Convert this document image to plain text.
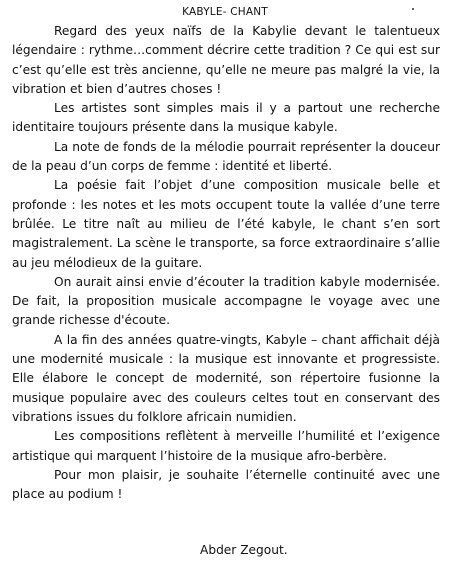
KABYLE- CHANT

Regard des yeux naïfs de la Kabylie devant le talentueux légendaire : rythme…comment décrire cette tradition ? Ce qui est sur c’est qu’elle est très ancienne, qu’elle ne meure pas malgré la vie, la vibration et bien d’autres choses !

Les artistes sont simples mais il y a partout une recherche identitaire toujours présente dans la musique kabyle.

La note de fonds de la mélodie pourrait représenter la douceur de la peau d’un corps de femme : identité et liberté.

La poésie fait l’objet d’une composition musicale belle et profonde : les notes et les mots occupent toute la vallée d’une terre brûlée. Le titre naît au milieu de l’été kabyle, le chant s’en sort magistralement. La scène le transporte, sa force extraordinaire s’allie au jeu mélodieux de la guitare.

On aurait ainsi envie d’écouter la tradition kabyle modernisée. De fait, la proposition musicale accompagne le voyage avec une grande richesse d'écoute.

A la fin des années quatre-vingts, Kabyle – chant affichait déjà une modernité musicale : la musique est innovante et progressiste. Elle élabore le concept de modernité, son répertoire fusionne la musique populaire avec des couleurs celtes tout en conservant des vibrations issues du folklore africain numidien.

Les compositions reflètent à merveille l’humilité et l’exigence artistique qui marquent l’histoire de la musique afro-berbère.

Pour mon plaisir, je souhaite l’éternelle continuité avec une place au podium !

Abder Zegout.
